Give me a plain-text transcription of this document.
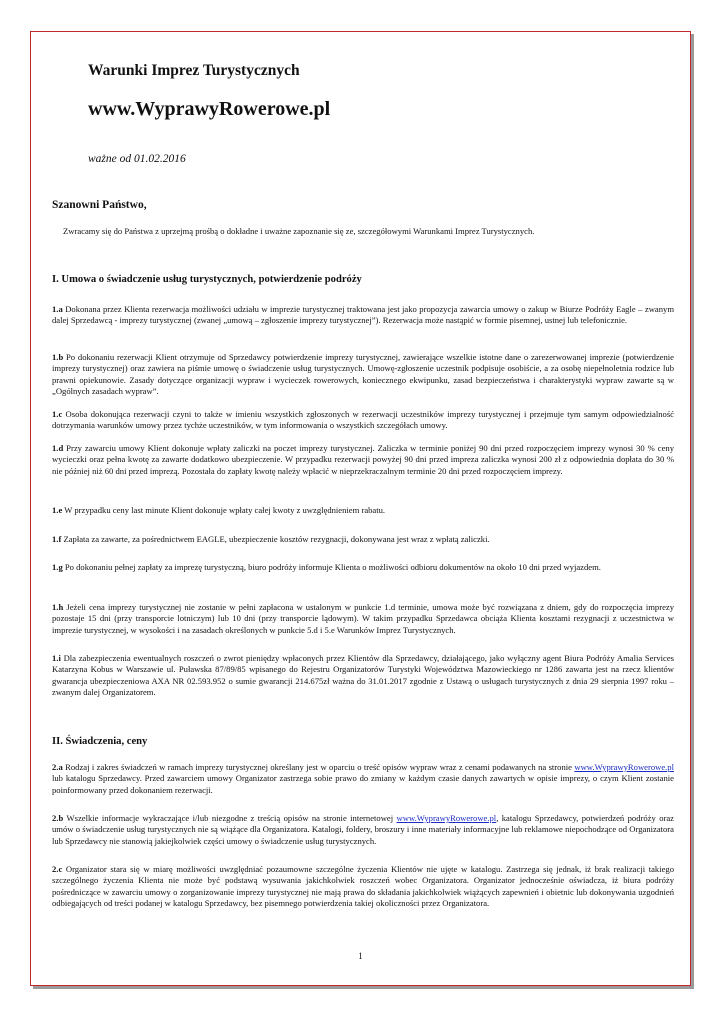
Warunki Imprez Turystycznych
www.WyprawyRowerowe.pl
ważne od 01.02.2016
Szanowni Państwo,
Zwracamy się do Państwa z uprzejmą prośbą o dokładne i uważne zapoznanie się ze, szczegółowymi Warunkami Imprez Turystycznych.
I. Umowa o świadczenie usług turystycznych, potwierdzenie podróży

1.a Dokonana przez Klienta rezerwacja możliwości udziału w imprezie turystycznej traktowana jest jako propozycja zawarcia umowy o zakup w Biurze Podróży Eagle – zwanym dalej Sprzedawcą - imprezy turystycznej (zwanej „umową – zgłoszenie imprezy turystycznej”). Rezerwacja może nastąpić w formie pisemnej, ustnej lub telefonicznie.

1.b Po dokonaniu rezerwacji Klient otrzymuje od Sprzedawcy potwierdzenie imprezy turystycznej, zawierające wszelkie istotne dane o zarezerwowanej imprezie (potwierdzenie imprezy turystycznej) oraz zawiera na piśmie umowę o świadczenie usług turystycznych. Umowę-zgłoszenie uczestnik podpisuje osobiście, a za osobę niepełnoletnia rodzice lub prawni opiekunowie. Zasady dotyczące organizacji wypraw i wycieczek rowerowych, koniecznego ekwipunku, zasad bezpieczeństwa i charakterystyki wypraw zawarte są w „Ogólnych zasadach wypraw”.

1.c Osoba dokonująca rezerwacji czyni to także w imieniu wszystkich zgłoszonych w rezerwacji uczestników imprezy turystycznej i przejmuje tym samym odpowiedzialność dotrzymania warunków umowy przez tychże uczestników, w tym informowania o wszystkich szczegółach umowy.

1.d Przy zawarciu umowy Klient dokonuje wpłaty zaliczki na poczet imprezy turystycznej. Zaliczka w terminie poniżej 90 dni przed rozpoczęciem imprezy wynosi 30 % ceny wycieczki oraz pełna kwotę za zawarte dodatkowo ubezpieczenie. W przypadku rezerwacji powyżej 90 dni przed impreza zaliczka wynosi 200 zł z odpowiednia dopłata do 30 % nie później niż 60 dni przed imprezą. Pozostała do zapłaty kwotę należy wpłacić w nieprzekraczalnym terminie 20 dni przed rozpoczęciem imprezy.

1.e W przypadku ceny last minute Klient dokonuje wpłaty całej kwoty z uwzględnieniem rabatu.

1.f Zapłata za zawarte, za pośrednictwem EAGLE, ubezpieczenie kosztów rezygnacji, dokonywana jest wraz z wpłatą zaliczki.

1.g Po dokonaniu pełnej zapłaty za imprezę turystyczną, biuro podróży informuje Klienta o możliwości odbioru dokumentów na około 10 dni przed wyjazdem.

1.h Jeżeli cena imprezy turystycznej nie zostanie w pełni zapłacona w ustalonym w punkcie 1.d terminie, umowa może być rozwiązana z dniem, gdy do rozpoczęcia imprezy pozostaje 15 dni (przy transporcie lotniczym) lub 10 dni (przy transporcie lądowym). W takim przypadku Sprzedawca obciąża Klienta kosztami rezygnacji z uczestnictwa w imprezie turystycznej, w wysokości i na zasadach określonych w punkcie 5.d i 5.e Warunków Imprez Turystycznych.

1.i Dla zabezpieczenia ewentualnych roszczeń o zwrot pieniędzy wpłaconych przez Klientów dla Sprzedawcy, działającego, jako wyłączny agent Biura Podróży Amalia Services Katarzyna Kobus w Warszawie ul. Puławska 87/89/85 wpisanego do Rejestru Organizatorów Turystyki Województwa Mazowieckiego nr 1286 zawarta jest na rzecz klientów gwarancja ubezpieczeniowa AXA NR 02.593.952 o sumie gwarancji 214.675zł ważna do 31.01.2017 zgodnie z Ustawą o usługach turystycznych z dnia 29 sierpnia 1997 roku – zwanym dalej Organizatorem.

II. Świadczenia, ceny

2.a Rodzaj i zakres świadczeń w ramach imprezy turystycznej określany jest w oparciu o treść opisów wypraw wraz z cenami podawanych na stronie www.WyprawyRowerowe.pl lub katalogu Sprzedawcy. Przed zawarciem umowy Organizator zastrzega sobie prawo do zmiany w każdym czasie danych zawartych w opisie imprezy, o czym Klient zostanie poinformowany przed dokonaniem rezerwacji.

2.b Wszelkie informacje wykraczające i/lub niezgodne z treścią opisów na stronie internetowej www.WyprawyRowerowe.pl, katalogu Sprzedawcy, potwierdzeń podróży oraz umów o świadczenie usług turystycznych nie są wiążące dla Organizatora. Katalogi, foldery, broszury i inne materiały informacyjne lub reklamowe niepochodzące od Organizatora lub Sprzedawcy nie stanowią jakiejkolwiek części umowy o świadczenie usług turystycznych.

2.c Organizator stara się w miarę możliwości uwzględniać pozaumowne szczególne życzenia Klientów nie ujęte w katalogu. Zastrzega się jednak, iż brak realizacji takiego szczególnego życzenia Klienta nie może być podstawą wysuwania jakichkolwiek roszczeń wobec Organizatora. Organizator jednocześnie oświadcza, iż biura podróży pośredniczące w zawarciu umowy o zorganizowanie imprezy turystycznej nie mają prawa do składania jakichkolwiek wiążących zapewnień i obietnic lub dokonywania uzgodnień odbiegających od treści podanej w katalogu Sprzedawcy, bez pisemnego potwierdzenia takiej okoliczności przez Organizatora.

1
